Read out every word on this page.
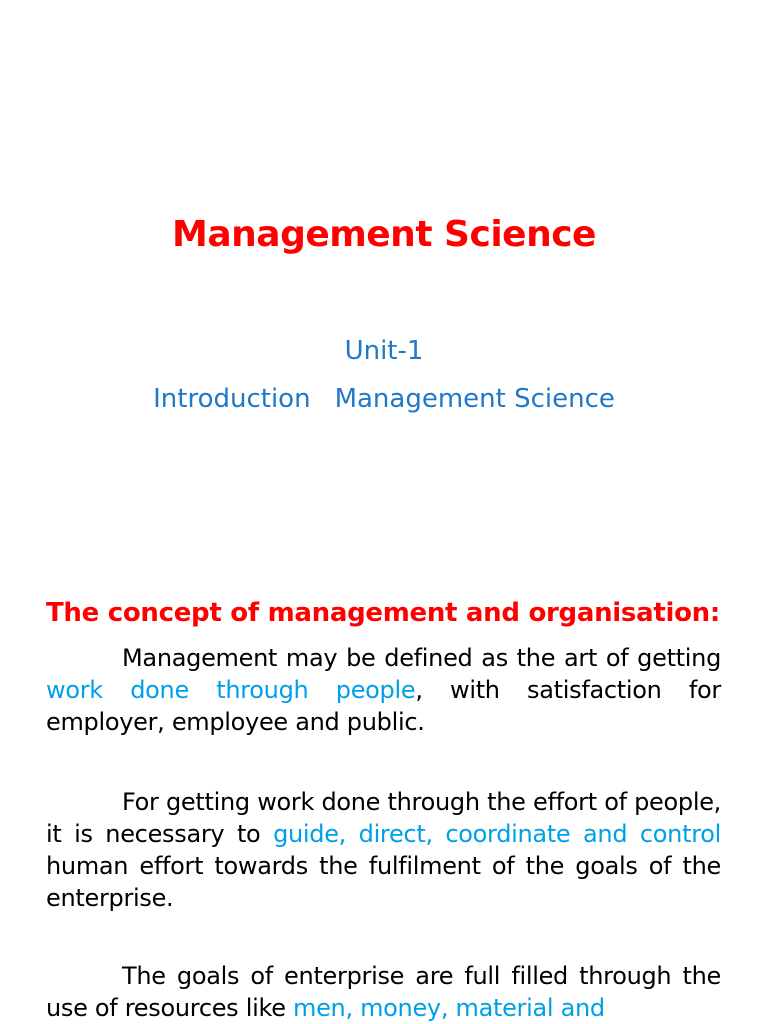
Management Science

Unit-1

Introduction Management Science

The concept of management and organisation:

Management may be defined as the art of getting work done through people, with satisfaction for employer, employee and public.

For getting work done through the effort of people, it is necessary to guide, direct, coordinate and control human effort towards the fulfilment of the goals of the enterprise.

The goals of enterprise are full filled through the use of resources like men, money, material and
